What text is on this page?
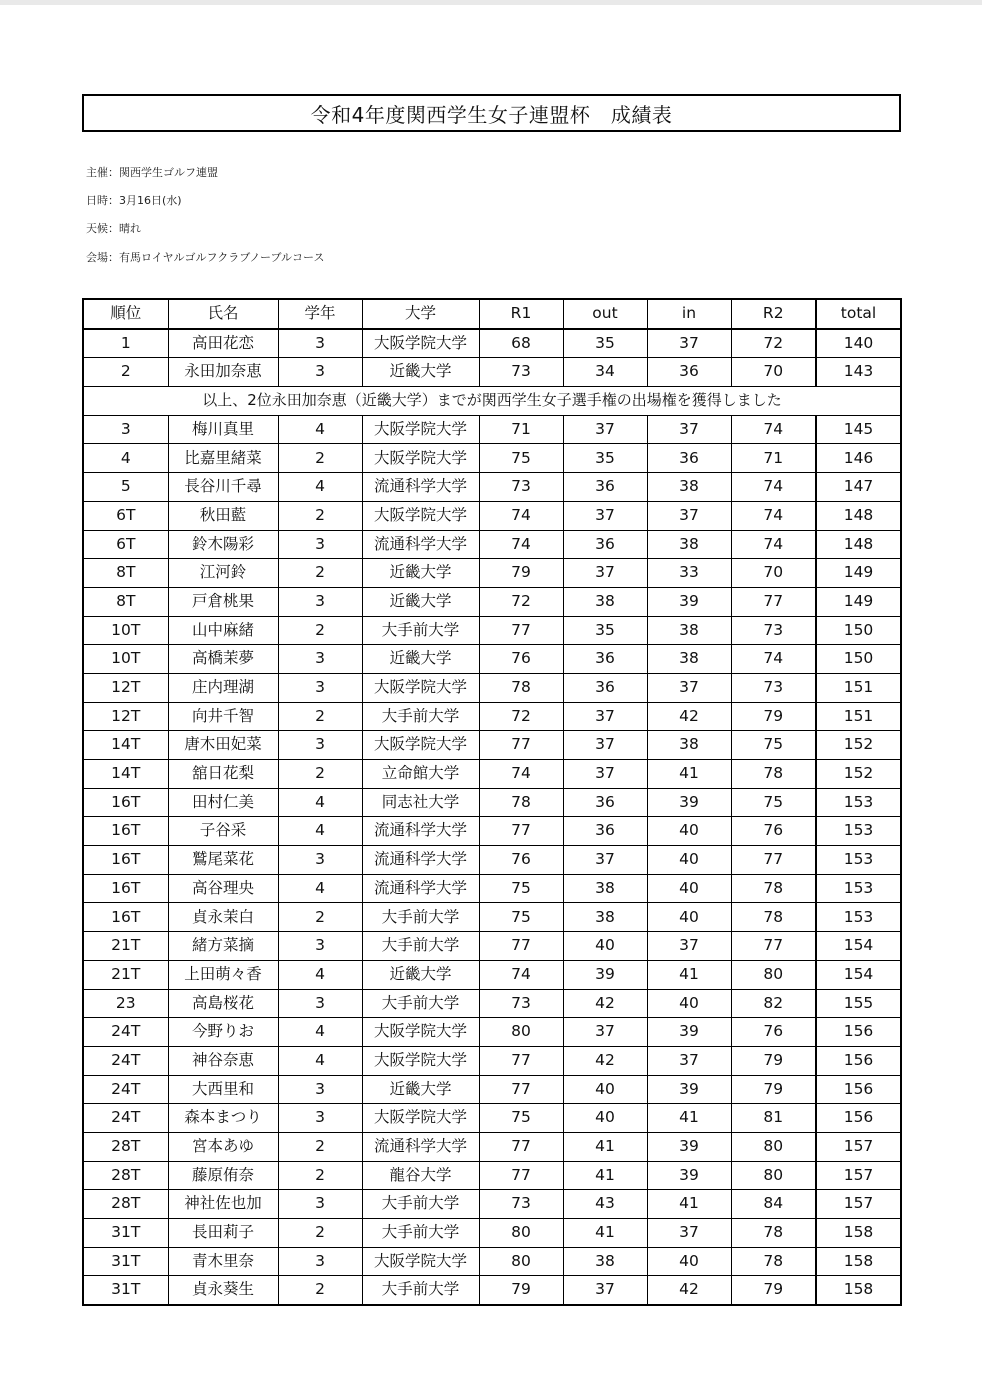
令和4年度関西学生女子連盟杯　成績表
主催：関西学生ゴルフ連盟
日時：3月16日(水)
天候：晴れ
会場：有馬ロイヤルゴルフクラブノーブルコース
順位	氏名	学年	大学	R1	out	in	R2	total
1	高田花恋	3	大阪学院大学	68	35	37	72	140
2	永田加奈恵	3	近畿大学	73	34	36	70	143
以上、2位永田加奈恵（近畿大学）までが関西学生女子選手権の出場権を獲得しました								
3	梅川真里	4	大阪学院大学	71	37	37	74	145
4	比嘉里緒菜	2	大阪学院大学	75	35	36	71	146
5	長谷川千尋	4	流通科学大学	73	36	38	74	147
6T	秋田藍	2	大阪学院大学	74	37	37	74	148
6T	鈴木陽彩	3	流通科学大学	74	36	38	74	148
8T	江河鈴	2	近畿大学	79	37	33	70	149
8T	戸倉桃果	3	近畿大学	72	38	39	77	149
10T	山中麻緒	2	大手前大学	77	35	38	73	150
10T	高橋茉夢	3	近畿大学	76	36	38	74	150
12T	庄内理湖	3	大阪学院大学	78	36	37	73	151
12T	向井千智	2	大手前大学	72	37	42	79	151
14T	唐木田妃菜	3	大阪学院大学	77	37	38	75	152
14T	舘日花梨	2	立命館大学	74	37	41	78	152
16T	田村仁美	4	同志社大学	78	36	39	75	153
16T	子谷采	4	流通科学大学	77	36	40	76	153
16T	鷲尾菜花	3	流通科学大学	76	37	40	77	153
16T	高谷理央	4	流通科学大学	75	38	40	78	153
16T	貞永茉白	2	大手前大学	75	38	40	78	153
21T	緒方菜摘	3	大手前大学	77	40	37	77	154
21T	上田萌々香	4	近畿大学	74	39	41	80	154
23	高島桜花	3	大手前大学	73	42	40	82	155
24T	今野りお	4	大阪学院大学	80	37	39	76	156
24T	神谷奈恵	4	大阪学院大学	77	42	37	79	156
24T	大西里和	3	近畿大学	77	40	39	79	156
24T	森本まつり	3	大阪学院大学	75	40	41	81	156
28T	宮本あゆ	2	流通科学大学	77	41	39	80	157
28T	藤原侑奈	2	龍谷大学	77	41	39	80	157
28T	神社佐也加	3	大手前大学	73	43	41	84	157
31T	長田莉子	2	大手前大学	80	41	37	78	158
31T	青木里奈	3	大阪学院大学	80	38	40	78	158
31T	貞永葵生	2	大手前大学	79	37	42	79	158
